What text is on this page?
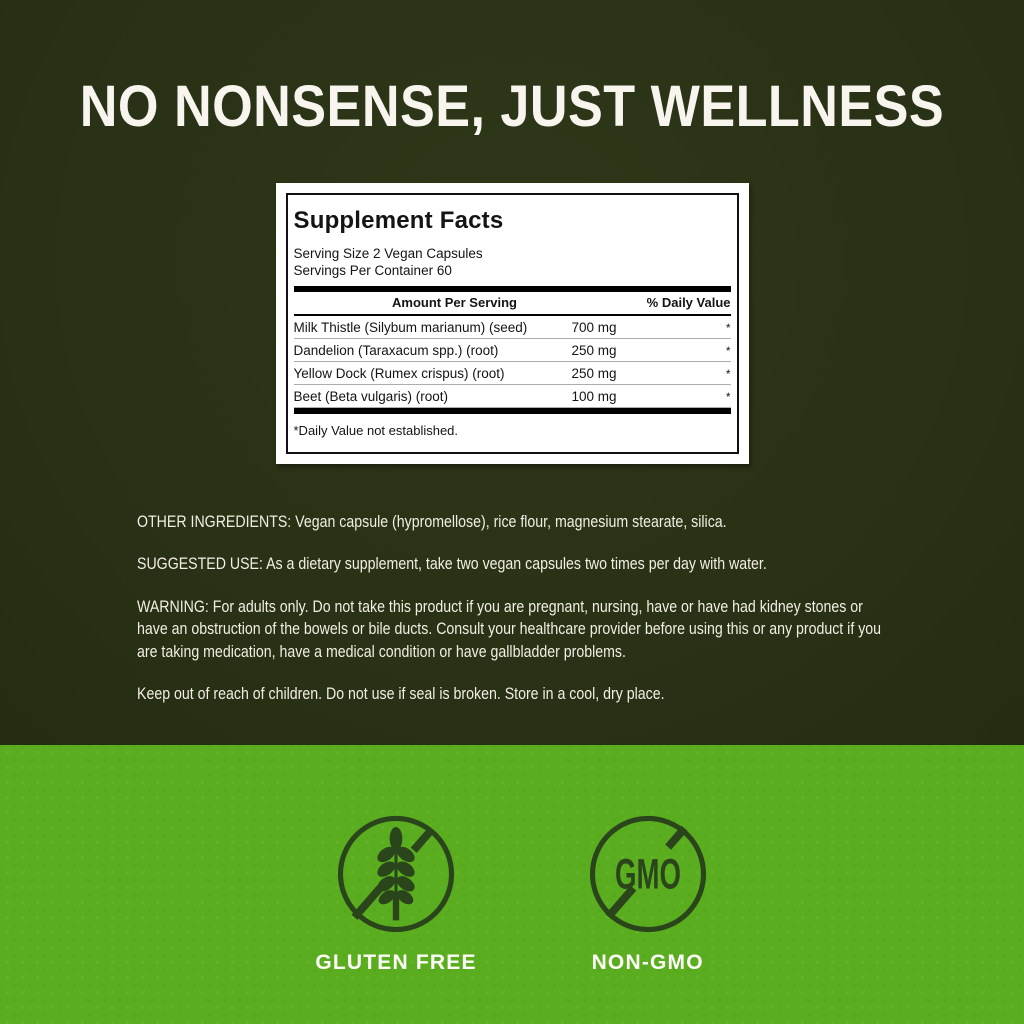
NO NONSENSE, JUST WELLNESS
Supplement Facts
Serving Size 2 Vegan Capsules
Servings Per Container 60
Amount Per Serving	% Daily Value
Milk Thistle (Silybum marianum) (seed)	700 mg	*
Dandelion (Taraxacum spp.) (root)	250 mg	*
Yellow Dock (Rumex crispus) (root)	250 mg	*
Beet (Beta vulgaris) (root)	100 mg	*
*Daily Value not established.

OTHER INGREDIENTS: Vegan capsule (hypromellose), rice flour, magnesium stearate, silica.

SUGGESTED USE: As a dietary supplement, take two vegan capsules two times per day with water.

WARNING: For adults only. Do not take this product if you are pregnant, nursing, have or have had kidney stones or have an obstruction of the bowels or bile ducts. Consult your healthcare provider before using this or any product if you are taking medication, have a medical condition or have gallbladder problems.

Keep out of reach of children. Do not use if seal is broken. Store in a cool, dry place.

GLUTEN FREE
GMO
NON-GMO
